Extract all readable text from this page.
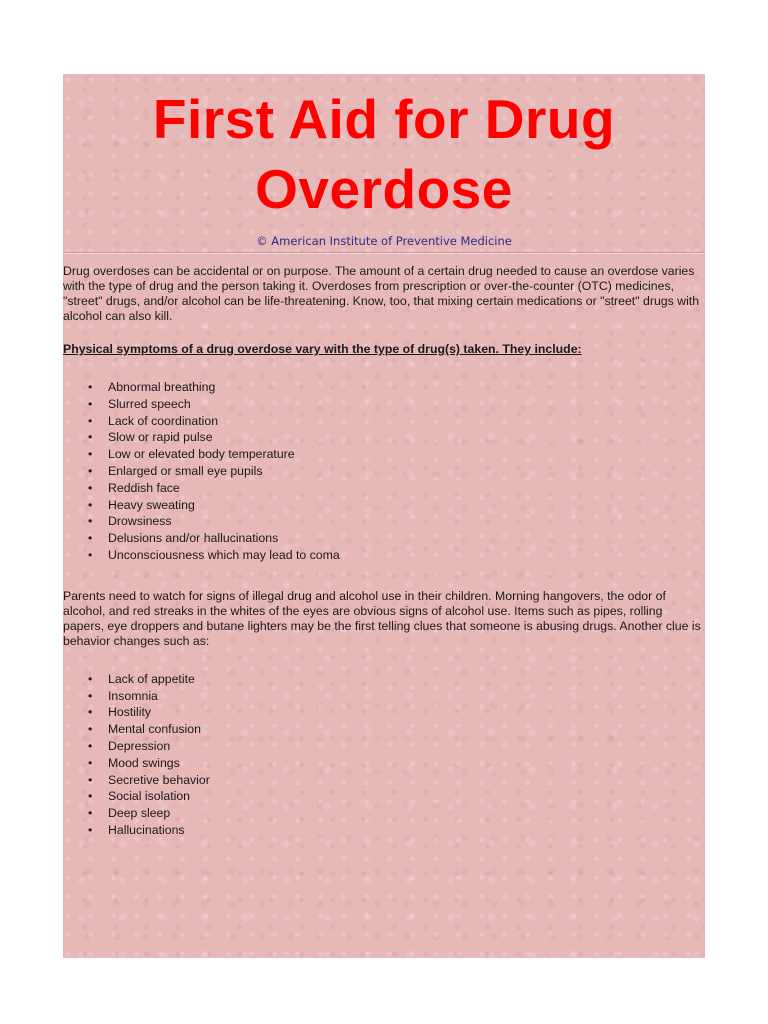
First Aid for Drug
Overdose
© American Institute of Preventive Medicine

Drug overdoses can be accidental or on purpose. The amount of a certain drug needed to cause an overdose varies with the type of drug and the person taking it. Overdoses from prescription or over-the-counter (OTC) medicines, "street" drugs, and/or alcohol can be life-threatening. Know, too, that mixing certain medications or "street" drugs with alcohol can also kill.

Physical symptoms of a drug overdose vary with the type of drug(s) taken. They include:

• Abnormal breathing
• Slurred speech
• Lack of coordination
• Slow or rapid pulse
• Low or elevated body temperature
• Enlarged or small eye pupils
• Reddish face
• Heavy sweating
• Drowsiness
• Delusions and/or hallucinations
• Unconsciousness which may lead to coma

Parents need to watch for signs of illegal drug and alcohol use in their children. Morning hangovers, the odor of alcohol, and red streaks in the whites of the eyes are obvious signs of alcohol use. Items such as pipes, rolling papers, eye droppers and butane lighters may be the first telling clues that someone is abusing drugs. Another clue is behavior changes such as:

• Lack of appetite
• Insomnia
• Hostility
• Mental confusion
• Depression
• Mood swings
• Secretive behavior
• Social isolation
• Deep sleep
• Hallucinations
